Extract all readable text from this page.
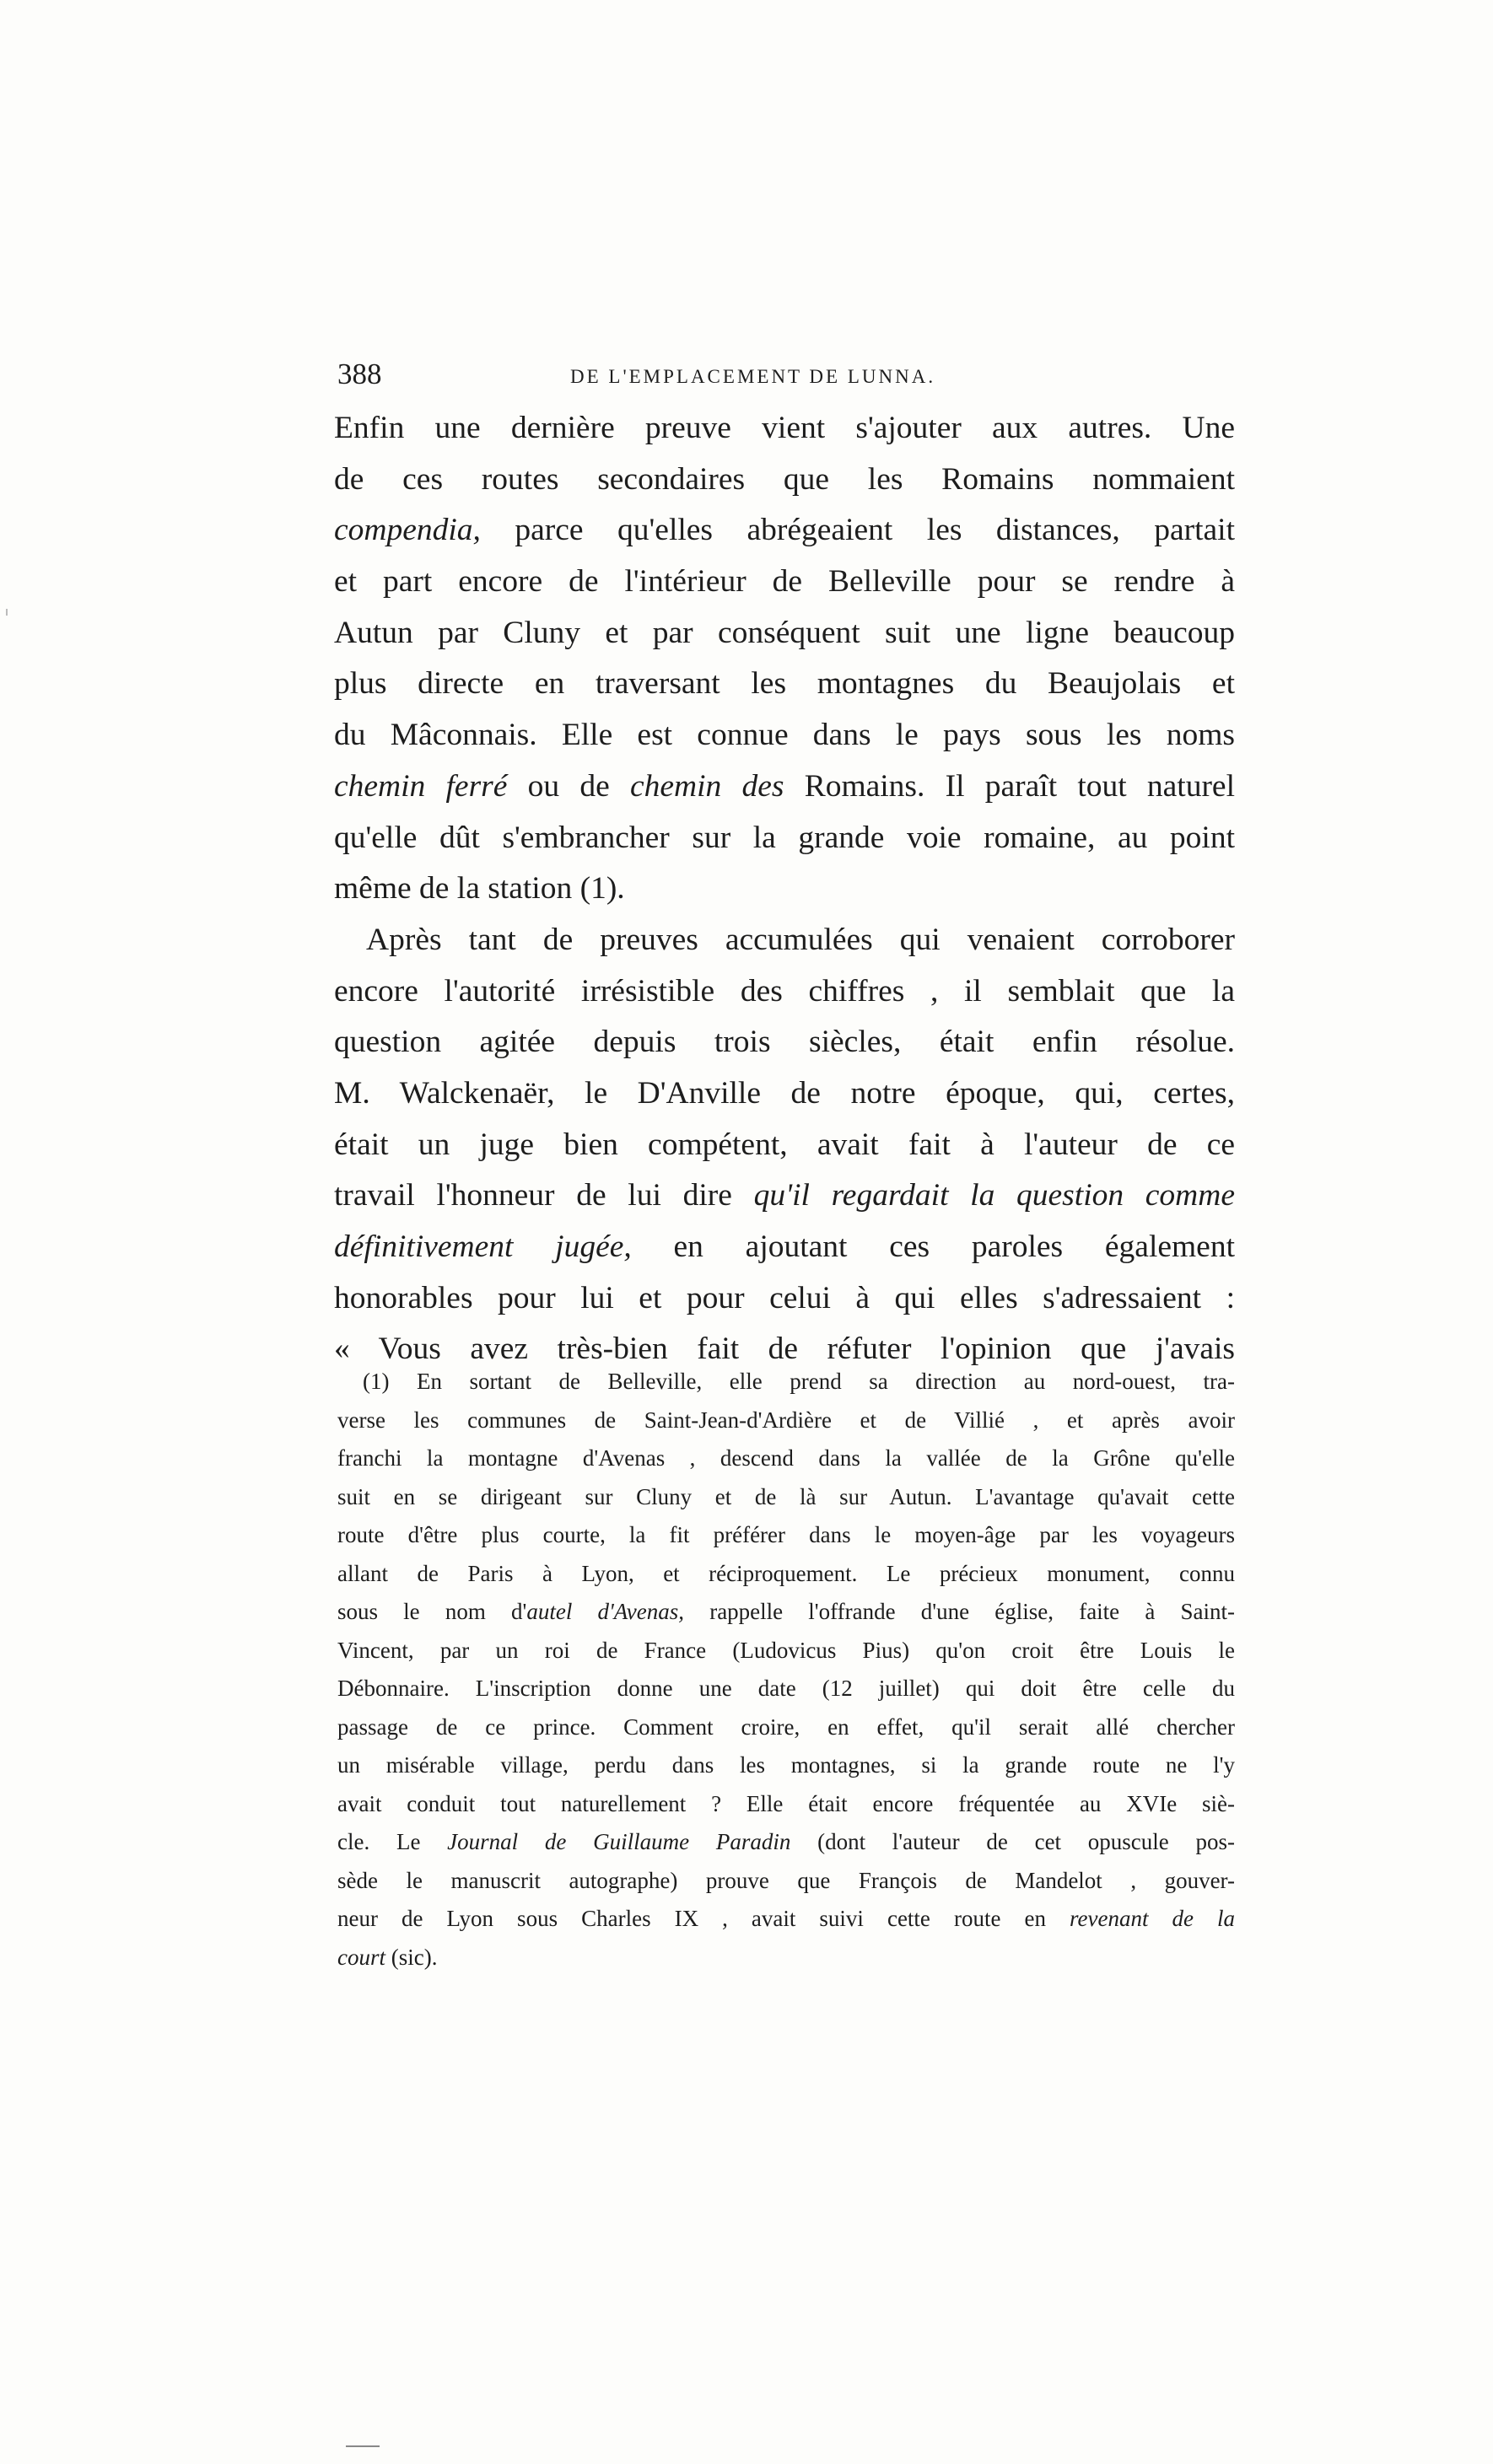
388	DE L'EMPLACEMENT DE LUNNA.
Enfin une dernière preuve vient s'ajouter aux autres. Une
de ces routes secondaires que les Romains nommaient
compendia, parce qu'elles abrégeaient les distances, partait
et part encore de l'intérieur de Belleville pour se rendre à
Autun par Cluny et par conséquent suit une ligne beaucoup
plus directe en traversant les montagnes du Beaujolais et
du Mâconnais. Elle est connue dans le pays sous les noms
chemin ferré ou de chemin des Romains. Il paraît tout naturel
qu'elle dût s'embrancher sur la grande voie romaine, au point
même de la station (1).
Après tant de preuves accumulées qui venaient corroborer
encore l'autorité irrésistible des chiffres , il semblait que la
question agitée depuis trois siècles, était enfin résolue.
M. Walckenaër, le D'Anville de notre époque, qui, certes,
était un juge bien compétent, avait fait à l'auteur de ce
travail l'honneur de lui dire qu'il regardait la question comme
définitivement jugée, en ajoutant ces paroles également
honorables pour lui et pour celui à qui elles s'adressaient :
« Vous avez très-bien fait de réfuter l'opinion que j'avais
(1) En sortant de Belleville, elle prend sa direction au nord-ouest, tra-
verse les communes de Saint-Jean-d'Ardière et de Villié , et après avoir
franchi la montagne d'Avenas , descend dans la vallée de la Grône qu'elle
suit en se dirigeant sur Cluny et de là sur Autun. L'avantage qu'avait cette
route d'être plus courte, la fit préférer dans le moyen-âge par les voyageurs
allant de Paris à Lyon, et réciproquement. Le précieux monument, connu
sous le nom d'autel d'Avenas, rappelle l'offrande d'une église, faite à Saint-
Vincent, par un roi de France (Ludovicus Pius) qu'on croit être Louis le
Débonnaire. L'inscription donne une date (12 juillet) qui doit être celle du
passage de ce prince. Comment croire, en effet, qu'il serait allé chercher
un misérable village, perdu dans les montagnes, si la grande route ne l'y
avait conduit tout naturellement ? Elle était encore fréquentée au XVIe siè-
cle. Le Journal de Guillaume Paradin (dont l'auteur de cet opuscule pos-
sède le manuscrit autographe) prouve que François de Mandelot , gouver-
neur de Lyon sous Charles IX , avait suivi cette route en revenant de la
court (sic).
